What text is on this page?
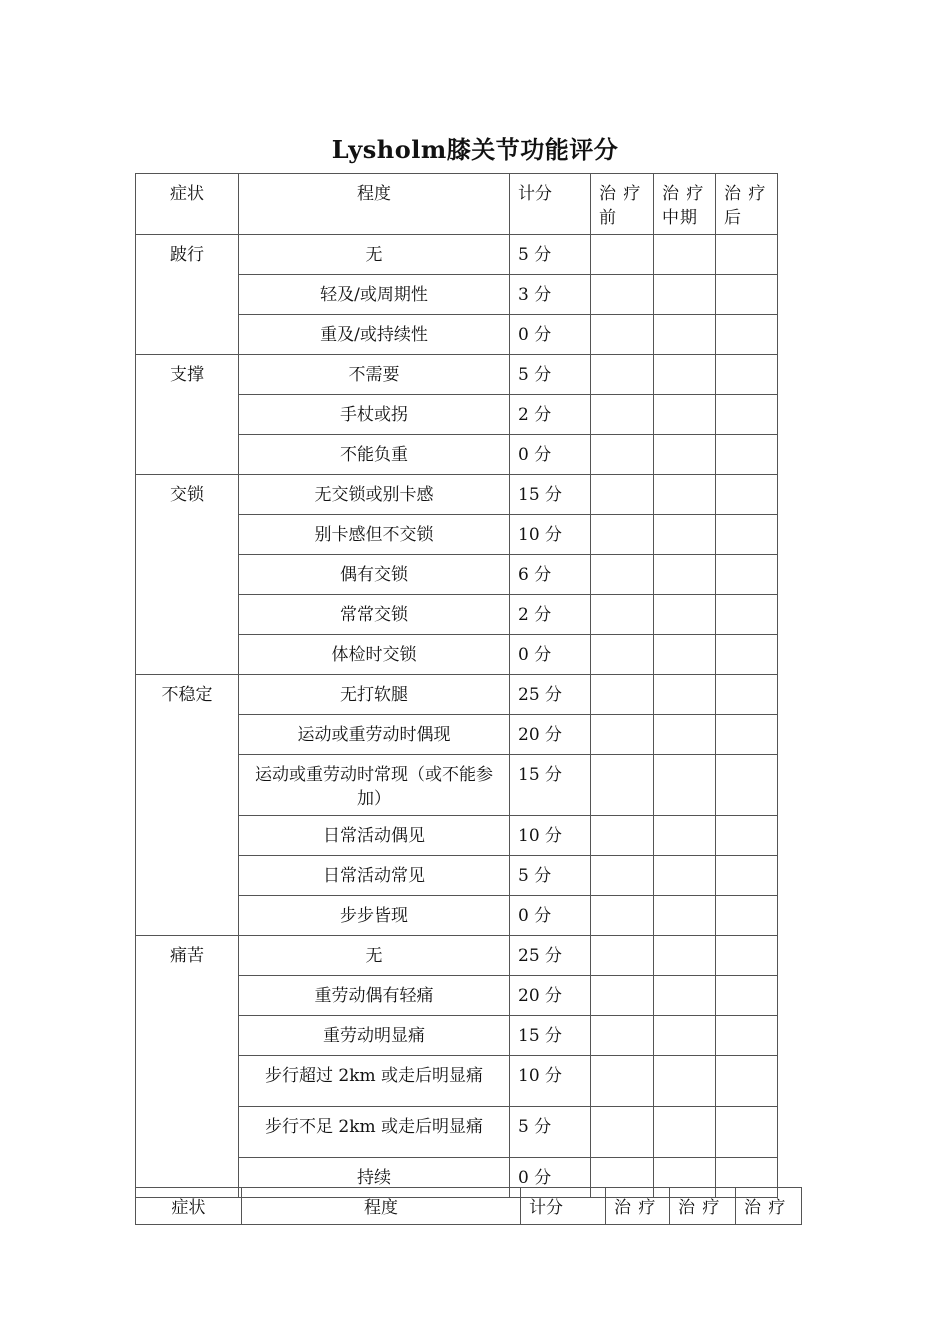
Lysholm膝关节功能评分
症状	程度	计分	治 疗前	治 疗中期	治 疗后
跛行	无	5 分			
	轻及/或周期性	3 分			
	重及/或持续性	0 分			
支撑	不需要	5 分			
	手杖或拐	2 分			
	不能负重	0 分			
交锁	无交锁或别卡感	15 分			
	别卡感但不交锁	10 分			
	偶有交锁	6 分			
	常常交锁	2 分			
	体检时交锁	0 分			
不稳定	无打软腿	25 分			
	运动或重劳动时偶现	20 分			
	运动或重劳动时常现（或不能参加）	15 分			
	日常活动偶见	10 分			
	日常活动常见	5 分			
	步步皆现	0 分			
痛苦	无	25 分			
	重劳动偶有轻痛	20 分			
	重劳动明显痛	15 分			
	步行超过 2km 或走后明显痛	10 分			
	步行不足 2km 或走后明显痛	5 分			
	持续	0 分			
症状	程度	计分	治 疗	治 疗	治 疗
